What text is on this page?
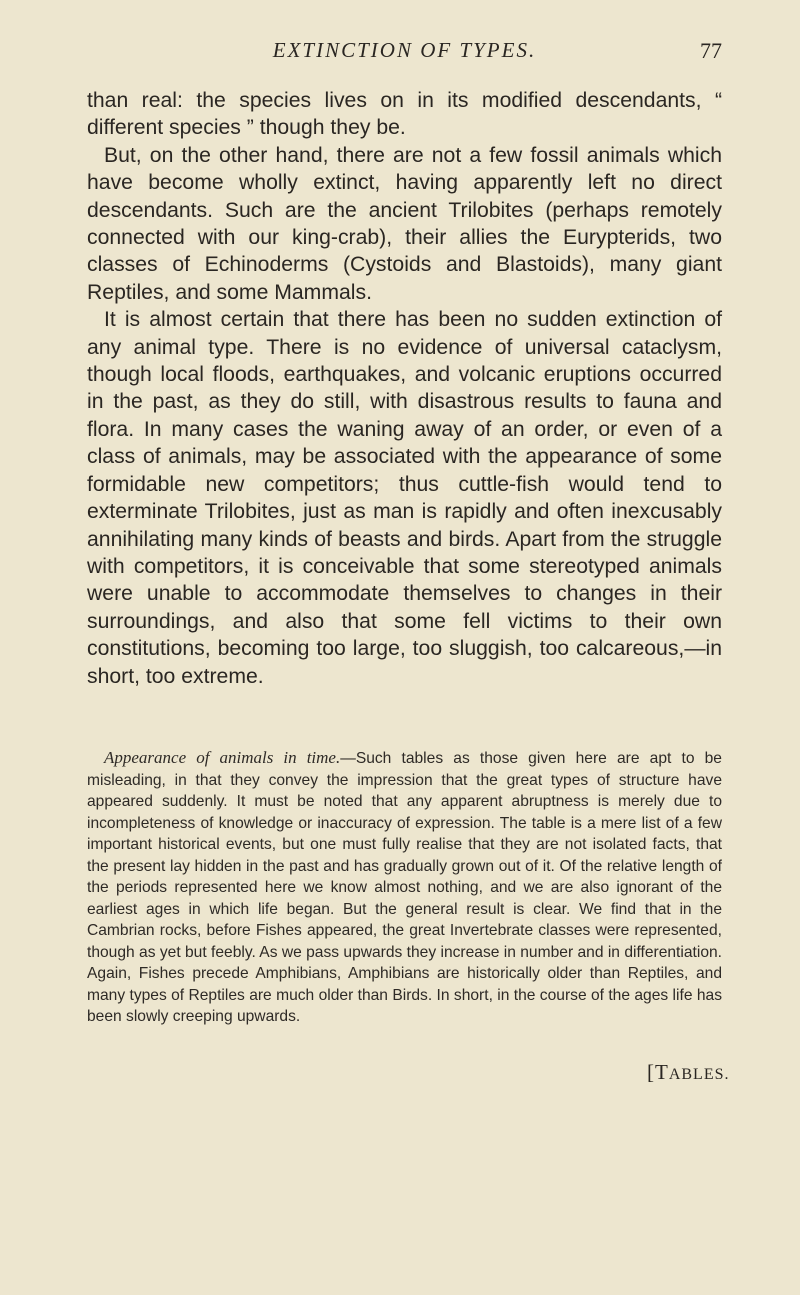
EXTINCTION OF TYPES.	77

than real: the species lives on in its modified descendants, “ different species ” though they be.

But, on the other hand, there are not a few fossil animals which have become wholly extinct, having apparently left no direct descendants. Such are the ancient Trilobites (perhaps remotely connected with our king-crab), their allies the Eurypterids, two classes of Echinoderms (Cystoids and Blastoids), many giant Reptiles, and some Mammals.

It is almost certain that there has been no sudden extinction of any animal type. There is no evidence of universal cataclysm, though local floods, earthquakes, and volcanic eruptions occurred in the past, as they do still, with disastrous results to fauna and flora. In many cases the waning away of an order, or even of a class of animals, may be associated with the appearance of some formidable new competitors; thus cuttle-fish would tend to exterminate Trilobites, just as man is rapidly and often inexcusably annihilating many kinds of beasts and birds. Apart from the struggle with competitors, it is conceivable that some stereotyped animals were unable to accommodate themselves to changes in their surroundings, and also that some fell victims to their own constitutions, becoming too large, too sluggish, too calcareous,—in short, too extreme.

Appearance of animals in time.—Such tables as those given here are apt to be misleading, in that they convey the impression that the great types of structure have appeared suddenly. It must be noted that any apparent abruptness is merely due to incompleteness of knowledge or inaccuracy of expression. The table is a mere list of a few important historical events, but one must fully realise that they are not isolated facts, that the present lay hidden in the past and has gradually grown out of it. Of the relative length of the periods represented here we know almost nothing, and we are also ignorant of the earliest ages in which life began. But the general result is clear. We find that in the Cambrian rocks, before Fishes appeared, the great Invertebrate classes were represented, though as yet but feebly. As we pass upwards they increase in number and in differentiation. Again, Fishes precede Amphibians, Amphibians are historically older than Reptiles, and many types of Reptiles are much older than Birds. In short, in the course of the ages life has been slowly creeping upwards.
[TABLES.
